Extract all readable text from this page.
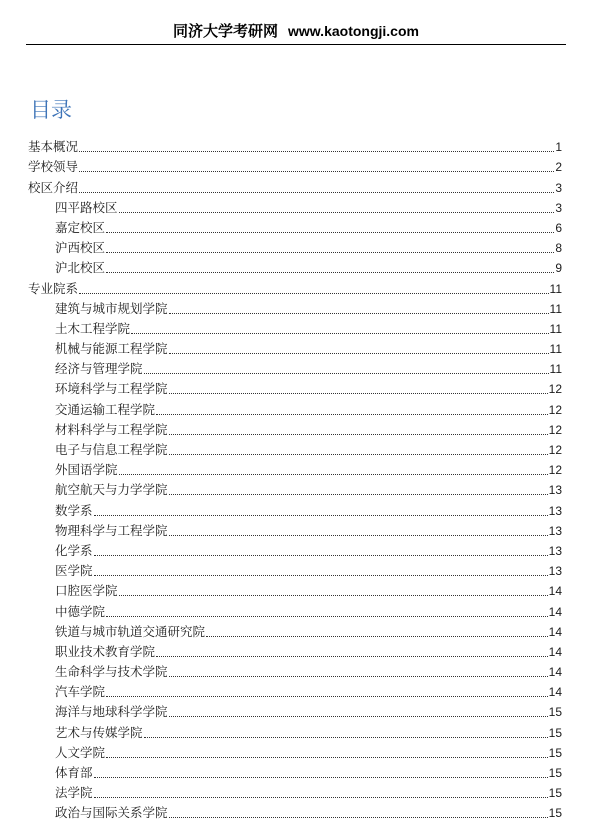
同济大学考研网 www.kaotongji.com
目录
基本概况	1
学校领导	2
校区介绍	3
四平路校区	3
嘉定校区	6
沪西校区	8
沪北校区	9
专业院系	11
建筑与城市规划学院	11
土木工程学院	11
机械与能源工程学院	11
经济与管理学院	11
环境科学与工程学院	12
交通运输工程学院	12
材料科学与工程学院	12
电子与信息工程学院	12
外国语学院	12
航空航天与力学学院	13
数学系	13
物理科学与工程学院	13
化学系	13
医学院	13
口腔医学院	14
中德学院	14
铁道与城市轨道交通研究院	14
职业技术教育学院	14
生命科学与技术学院	14
汽车学院	14
海洋与地球科学学院	15
艺术与传媒学院	15
人文学院	15
体育部	15
法学院	15
政治与国际关系学院	15
